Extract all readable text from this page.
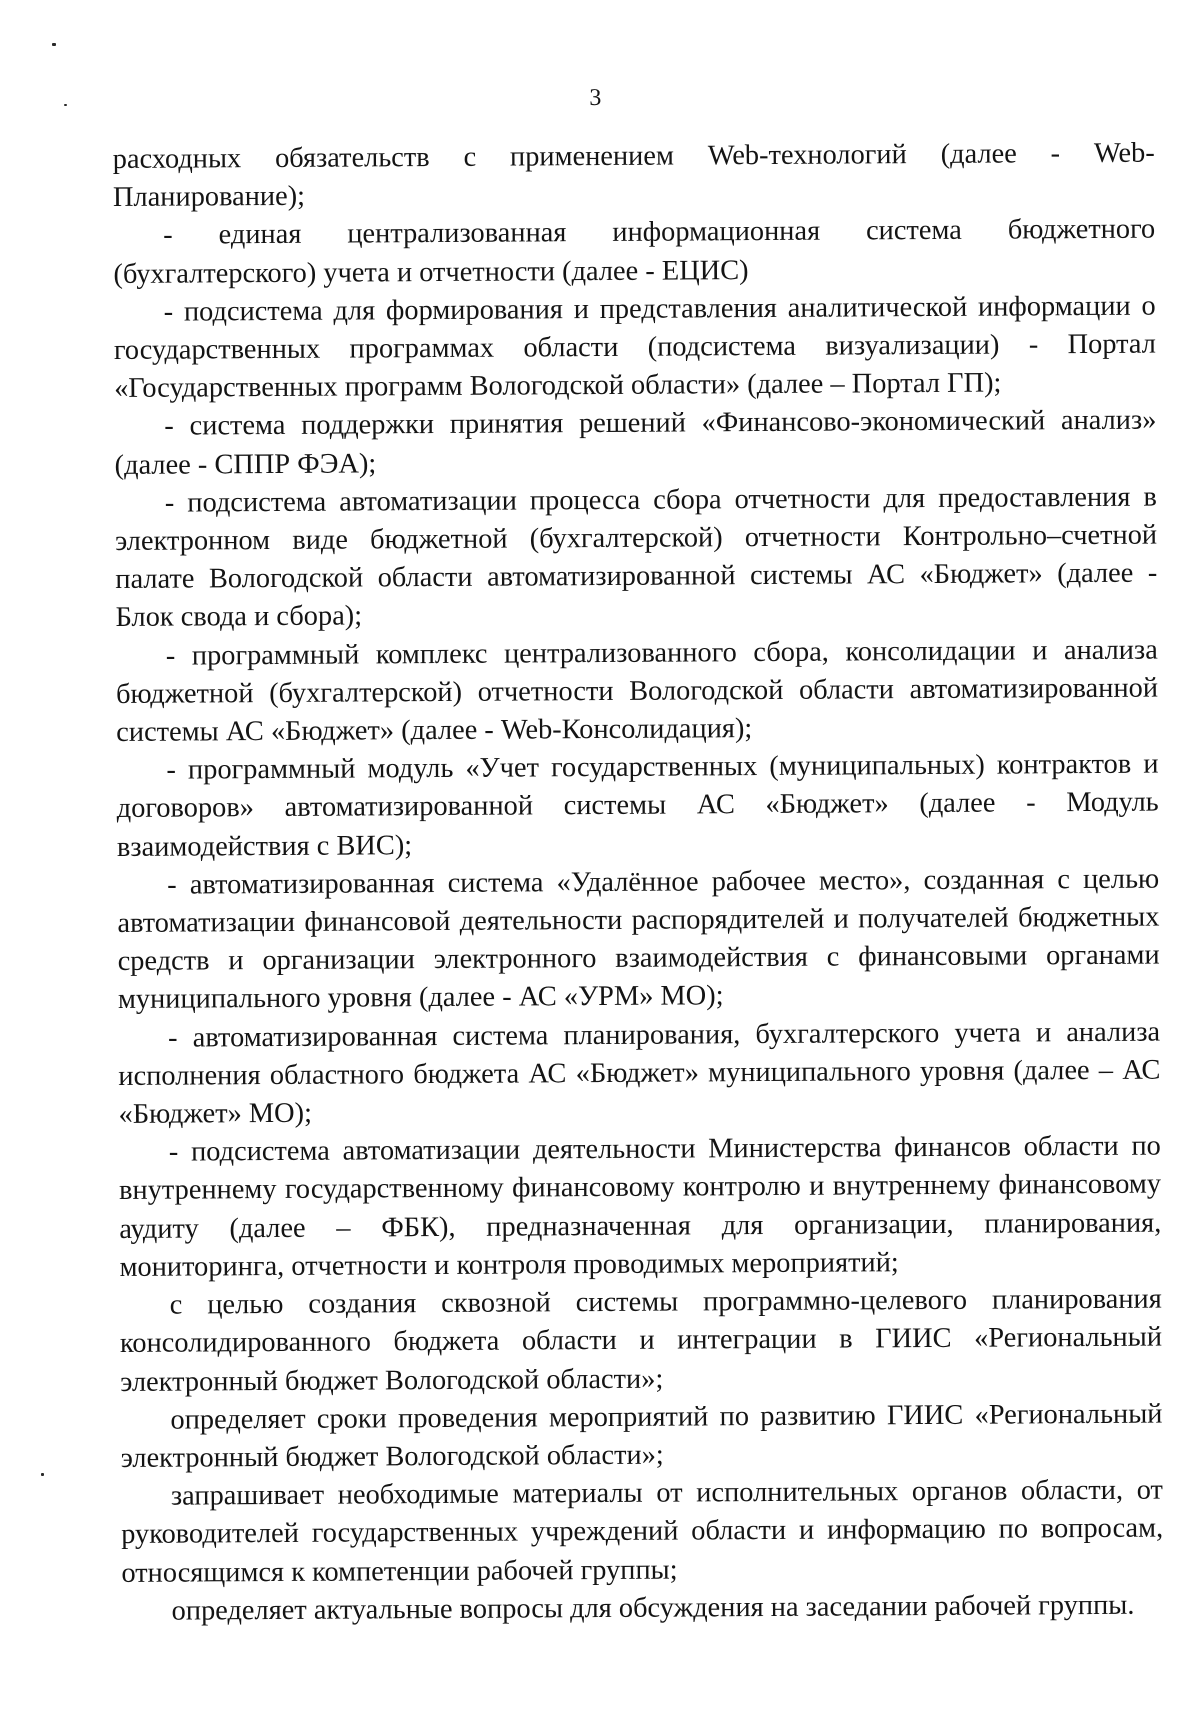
3

расходных обязательств с применением Web-технологий (далее - Web-Планирование);

- единая централизованная информационная система бюджетного (бухгалтерского) учета и отчетности (далее - ЕЦИС)

- подсистема для формирования и представления аналитической информации о государственных программах области (подсистема визуализации) - Портал «Государственных программ Вологодской области» (далее – Портал ГП);

- система поддержки принятия решений «Финансово-экономический анализ» (далее - СППР ФЭА);

- подсистема автоматизации процесса сбора отчетности для предоставления в электронном виде бюджетной (бухгалтерской) отчетности Контрольно–счетной палате Вологодской области автоматизированной системы АС «Бюджет» (далее - Блок свода и сбора);

- программный комплекс централизованного сбора, консолидации и анализа бюджетной (бухгалтерской) отчетности Вологодской области автоматизированной системы АС «Бюджет» (далее - Web-Консолидация);

- программный модуль «Учет государственных (муниципальных) контрактов и договоров» автоматизированной системы АС «Бюджет» (далее - Модуль взаимодействия с ВИС);

- автоматизированная система «Удалённое рабочее место», созданная с целью автоматизации финансовой деятельности распорядителей и получателей бюджетных средств и организации электронного взаимодействия с финансовыми органами муниципального уровня (далее - АС «УРМ» МО);

- автоматизированная система планирования, бухгалтерского учета и анализа исполнения областного бюджета АС «Бюджет» муниципального уровня (далее – АС «Бюджет» МО);

- подсистема автоматизации деятельности Министерства финансов области по внутреннему государственному финансовому контролю и внутреннему финансовому аудиту (далее – ФБК), предназначенная для организации, планирования, мониторинга, отчетности и контроля проводимых мероприятий;

с целью создания сквозной системы программно-целевого планирования консолидированного бюджета области и интеграции в ГИИС «Региональный электронный бюджет Вологодской области»;

определяет сроки проведения мероприятий по развитию ГИИС «Региональный электронный бюджет Вологодской области»;

запрашивает необходимые материалы от исполнительных органов области, от руководителей государственных учреждений области и информацию по вопросам, относящимся к компетенции рабочей группы;

определяет актуальные вопросы для обсуждения на заседании рабочей группы.
